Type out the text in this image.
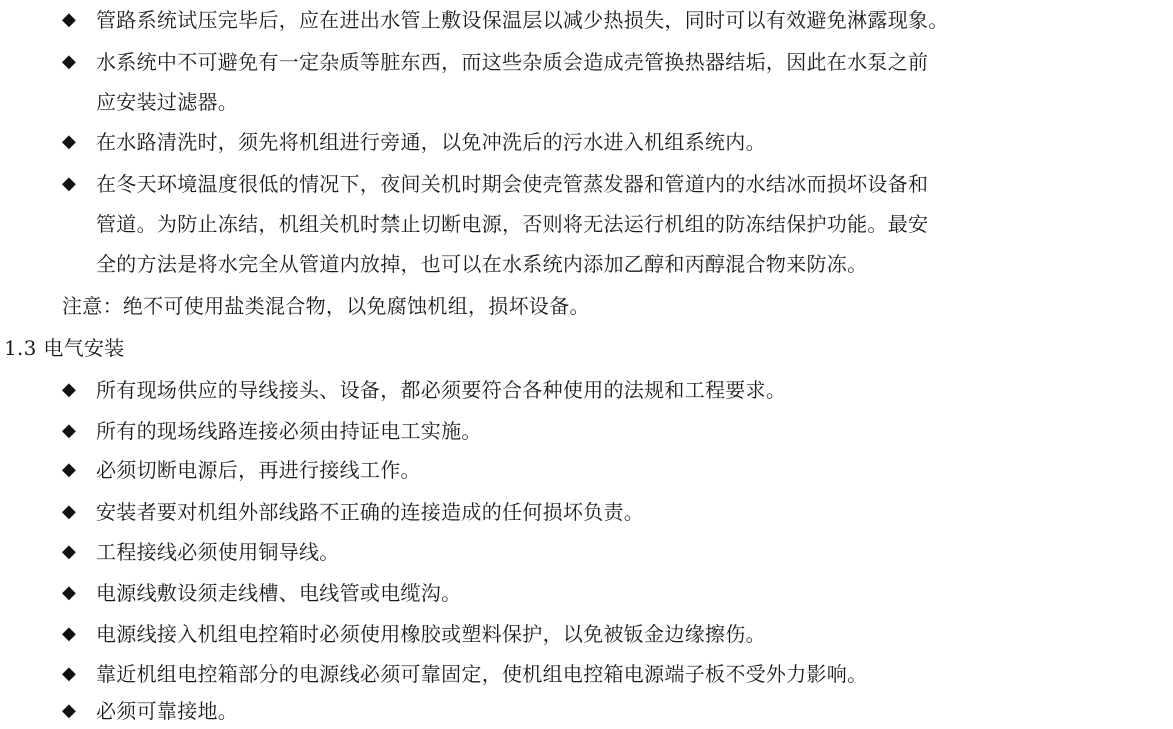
◆ 管路系统试压完毕后，应在进出水管上敷设保温层以减少热损失，同时可以有效避免淋露现象。
◆ 水系统中不可避免有一定杂质等脏东西，而这些杂质会造成壳管换热器结垢，因此在水泵之前
应安装过滤器。
◆ 在水路清洗时，须先将机组进行旁通，以免冲洗后的污水进入机组系统内。
◆ 在冬天环境温度很低的情况下，夜间关机时期会使壳管蒸发器和管道内的水结冰而损坏设备和
管道。为防止冻结，机组关机时禁止切断电源，否则将无法运行机组的防冻结保护功能。最安
全的方法是将水完全从管道内放掉，也可以在水系统内添加乙醇和丙醇混合物来防冻。
注意：绝不可使用盐类混合物，以免腐蚀机组，损坏设备。
1.3 电气安装
◆ 所有现场供应的导线接头、设备，都必须要符合各种使用的法规和工程要求。
◆ 所有的现场线路连接必须由持证电工实施。
◆ 必须切断电源后，再进行接线工作。
◆ 安装者要对机组外部线路不正确的连接造成的任何损坏负责。
◆ 工程接线必须使用铜导线。
◆ 电源线敷设须走线槽、电线管或电缆沟。
◆ 电源线接入机组电控箱时必须使用橡胶或塑料保护，以免被钣金边缘擦伤。
◆ 靠近机组电控箱部分的电源线必须可靠固定，使机组电控箱电源端子板不受外力影响。
◆ 必须可靠接地。
